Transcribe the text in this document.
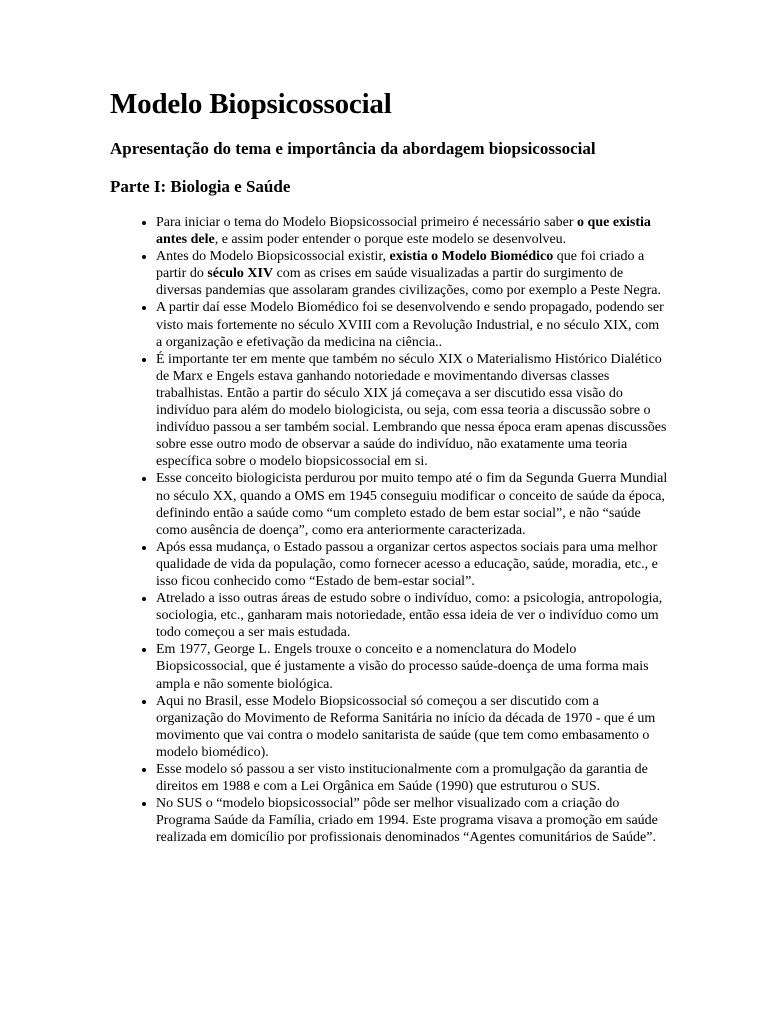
Modelo Biopsicossocial
Apresentação do tema e importância da abordagem biopsicossocial
Parte I: Biologia e Saúde
• Para iniciar o tema do Modelo Biopsicossocial primeiro é necessário saber o que existia antes dele, e assim poder entender o porque este modelo se desenvolveu.
• Antes do Modelo Biopsicossocial existir, existia o Modelo Biomédico que foi criado a partir do século XIV com as crises em saúde visualizadas a partir do surgimento de diversas pandemias que assolaram grandes civilizações, como por exemplo a Peste Negra.
• A partir daí esse Modelo Biomédico foi se desenvolvendo e sendo propagado, podendo ser visto mais fortemente no século XVIII com a Revolução Industrial, e no século XIX, com a organização e efetivação da medicina na ciência..
• É importante ter em mente que também no século XIX o Materialismo Histórico Dialético de Marx e Engels estava ganhando notoriedade e movimentando diversas classes trabalhistas. Então a partir do século XIX já começava a ser discutido essa visão do indivíduo para além do modelo biologicista, ou seja, com essa teoria a discussão sobre o indivíduo passou a ser também social. Lembrando que nessa época eram apenas discussões sobre esse outro modo de observar a saúde do indivíduo, não exatamente uma teoria específica sobre o modelo biopsicossocial em si.
• Esse conceito biologicista perdurou por muito tempo até o fim da Segunda Guerra Mundial no século XX, quando a OMS em 1945 conseguiu modificar o conceito de saúde da época, definindo então a saúde como “um completo estado de bem estar social”, e não “saúde como ausência de doença”, como era anteriormente caracterizada.
• Após essa mudança, o Estado passou a organizar certos aspectos sociais para uma melhor qualidade de vida da população, como fornecer acesso a educação, saúde, moradia, etc., e isso ficou conhecido como “Estado de bem-estar social”.
• Atrelado a isso outras áreas de estudo sobre o indivíduo, como: a psicologia, antropologia, sociologia, etc., ganharam mais notoriedade, então essa ideia de ver o indivíduo como um todo começou a ser mais estudada.
• Em 1977, George L. Engels trouxe o conceito e a nomenclatura do Modelo Biopsicossocial, que é justamente a visão do processo saúde-doença de uma forma mais ampla e não somente biológica.
• Aqui no Brasil, esse Modelo Biopsicossocial só começou a ser discutido com a organização do Movimento de Reforma Sanitária no início da década de 1970 - que é um movimento que vai contra o modelo sanitarista de saúde (que tem como embasamento o modelo biomédico).
• Esse modelo só passou a ser visto institucionalmente com a promulgação da garantia de direitos em 1988 e com a Lei Orgânica em Saúde (1990) que estruturou o SUS.
• No SUS o “modelo biopsicossocial” pôde ser melhor visualizado com a criação do Programa Saúde da Família, criado em 1994. Este programa visava a promoção em saúde realizada em domicílio por profissionais denominados “Agentes comunitários de Saúde”.
